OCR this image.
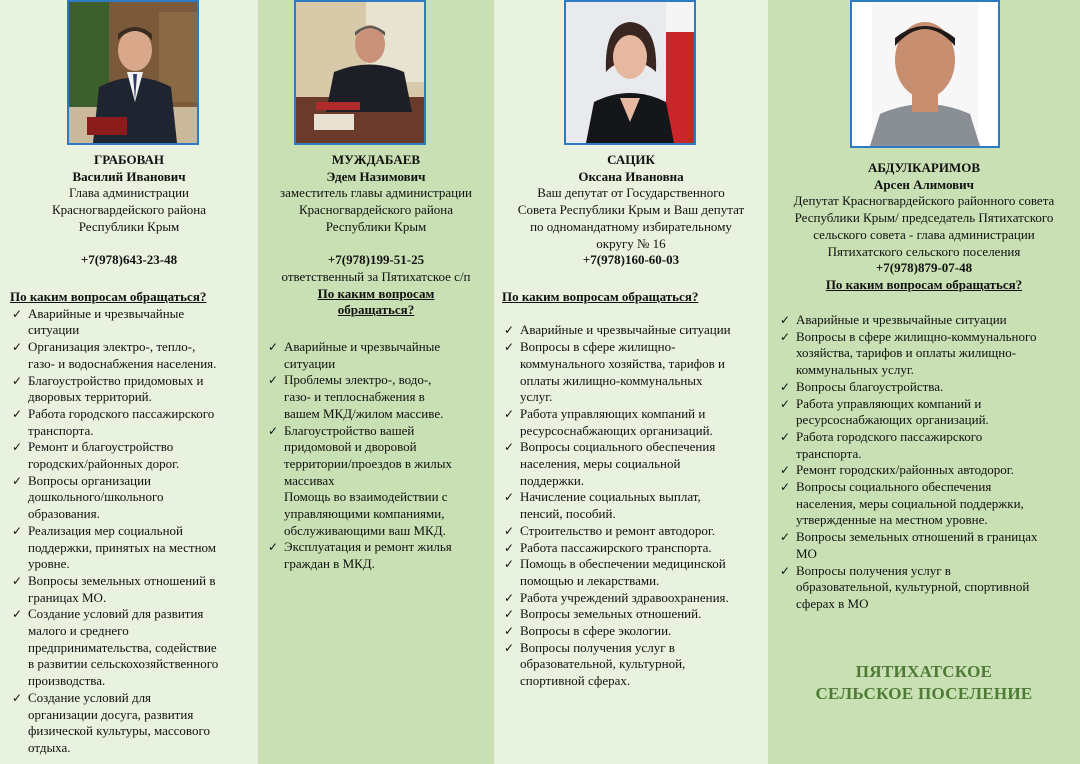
ГРАБОВАН
Василий Иванович
Глава администрации
Красногвардейского района
Республики Крым
+7(978)643-23-48
По каким вопросам обращаться?
✓ Аварийные и чрезвычайные
ситуации
✓ Организация электро-, тепло-,
газо- и водоснабжения населения.
✓ Благоустройство придомовых и
дворовых территорий.
✓ Работа городского пассажирского
транспорта.
✓ Ремонт и благоустройство
городских/районных дорог.
✓ Вопросы организации
дошкольного/школьного
образования.
✓ Реализация мер социальной
поддержки, принятых на местном
уровне.
✓ Вопросы земельных отношений в
границах МО.
✓ Создание условий для развития
малого и среднего
предпринимательства, содействие
в развитии сельскохозяйственного
производства.
✓ Создание условий для
организации досуга, развития
физической культуры, массового
отдыха.
МУЖДАБАЕВ
Эдем Назимович
заместитель главы администрации
Красногвардейского района
Республики Крым
+7(978)199-51-25
ответственный за Пятихатское с/п
По каким вопросам
обращаться?
✓ Аварийные и чрезвычайные
ситуации
✓ Проблемы электро-, водо-,
газо- и теплоснабжения в
вашем МКД/жилом массиве.
✓ Благоустройство вашей
придомовой и дворовой
территории/проездов в жилых
массивах
Помощь во взаимодействии с
управляющими компаниями,
обслуживающими ваш МКД.
✓ Эксплуатация и ремонт жилья
граждан в МКД.
САЦИК
Оксана Ивановна
Ваш депутат от Государственного
Совета Республики Крым и Ваш депутат
по одномандатному избирательному
округу № 16
+7(978)160-60-03
По каким вопросам обращаться?
✓ Аварийные и чрезвычайные ситуации
✓ Вопросы в сфере жилищно-
коммунального хозяйства, тарифов и
оплаты жилищно-коммунальных
услуг.
✓ Работа управляющих компаний и
ресурсоснабжающих организаций.
✓ Вопросы социального обеспечения
населения, меры социальной
поддержки.
✓ Начисление социальных выплат,
пенсий, пособий.
✓ Строительство и ремонт автодорог.
✓ Работа пассажирского транспорта.
✓ Помощь в обеспечении медицинской
помощью и лекарствами.
✓ Работа учреждений здравоохранения.
✓ Вопросы земельных отношений.
✓ Вопросы в сфере экологии.
✓ Вопросы получения услуг в
образовательной, культурной,
спортивной сферах.
АБДУЛКАРИМОВ
Арсен Алимович
Депутат Красногвардейского районного совета
Республики Крым/ председатель Пятихатского
сельского совета - глава администрации
Пятихатского сельского поселения
+7(978)879-07-48
По каким вопросам обращаться?
✓ Аварийные и чрезвычайные ситуации
✓ Вопросы в сфере жилищно-коммунального
хозяйства, тарифов и оплаты жилищно-
коммунальных услуг.
✓ Вопросы благоустройства.
✓ Работа управляющих компаний и
ресурсоснабжающих организаций.
✓ Работа городского пассажирского
транспорта.
✓ Ремонт городских/районных автодорог.
✓ Вопросы социального обеспечения
населения, меры социальной поддержки,
утвержденные на местном уровне.
✓ Вопросы земельных отношений в границах
МО
✓ Вопросы получения услуг в
образовательной, культурной, спортивной
сферах в МО
ПЯТИХАТСКОЕ
СЕЛЬСКОЕ ПОСЕЛЕНИЕ
